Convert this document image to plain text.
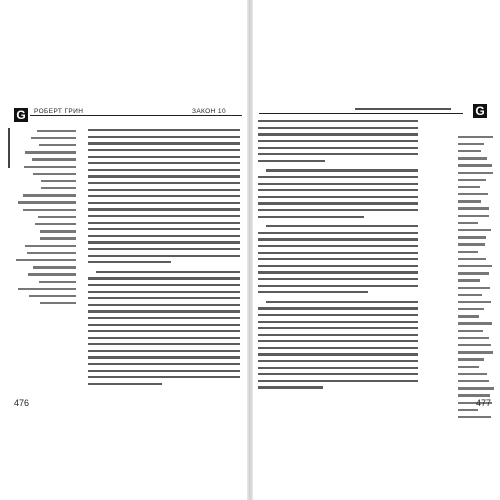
G	РОБЕРТ ГРИН	ЗАКОН 10
476
G
477
